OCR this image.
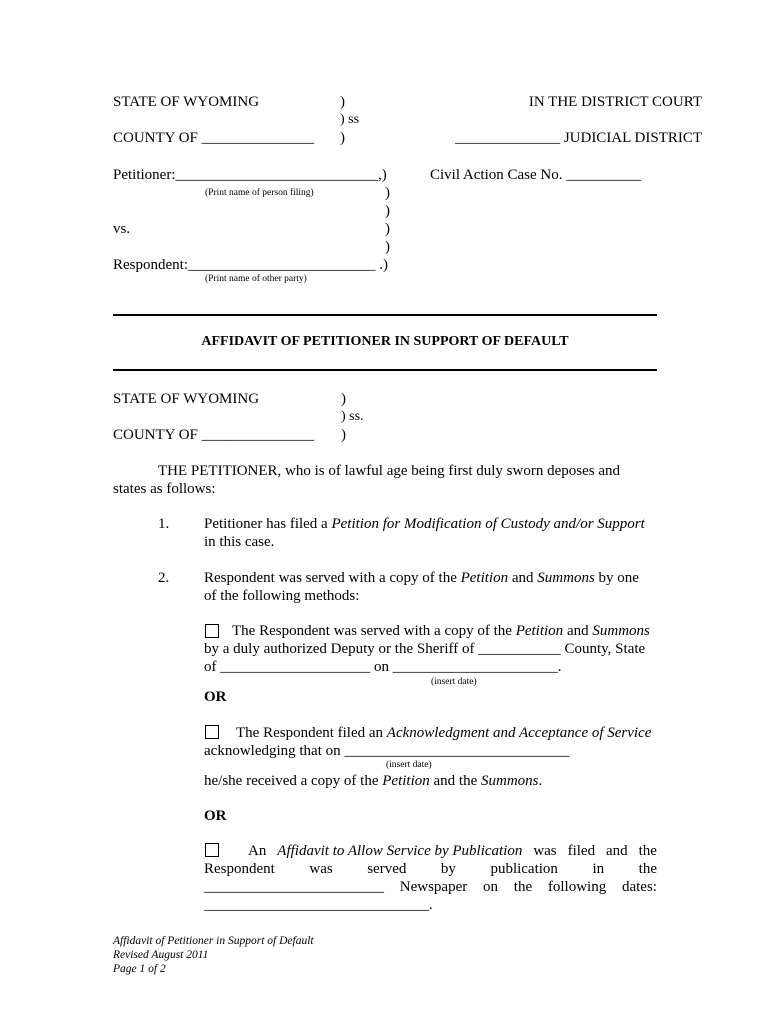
STATE OF WYOMING
COUNTY OF _______________
)
) ss
)
IN THE DISTRICT COURT
______________ JUDICIAL DISTRICT
Petitioner:___________________________,)
(Print name of person filing)	)
)
vs.	)
)
Respondent:_________________________ .)
(Print name of other party)
Civil Action Case No. __________
AFFIDAVIT OF PETITIONER IN SUPPORT OF DEFAULT
STATE OF WYOMING
COUNTY OF _______________
)
) ss.
)
THE PETITIONER, who is of lawful age being first duly sworn deposes and
states as follows:
1. Petitioner has filed a Petition for Modification of Custody and/or Support
in this case.
2. Respondent was served with a copy of the Petition and Summons by one
of the following methods:
The Respondent was served with a copy of the Petition and Summons
by a duly authorized Deputy or the Sheriff of ___________ County, State
of ____________________ on ______________________.
(insert date)
OR
The Respondent filed an Acknowledgment and Acceptance of Service
acknowledging that on ______________________________
(insert date)
he/she received a copy of the Petition and the Summons.
OR
An Affidavit to Allow Service by Publication was filed and the
Respondent was served by publication in the
________________________ Newspaper on the following dates:
______________________________.
Affidavit of Petitioner in Support of Default
Revised August 2011
Page 1 of 2
